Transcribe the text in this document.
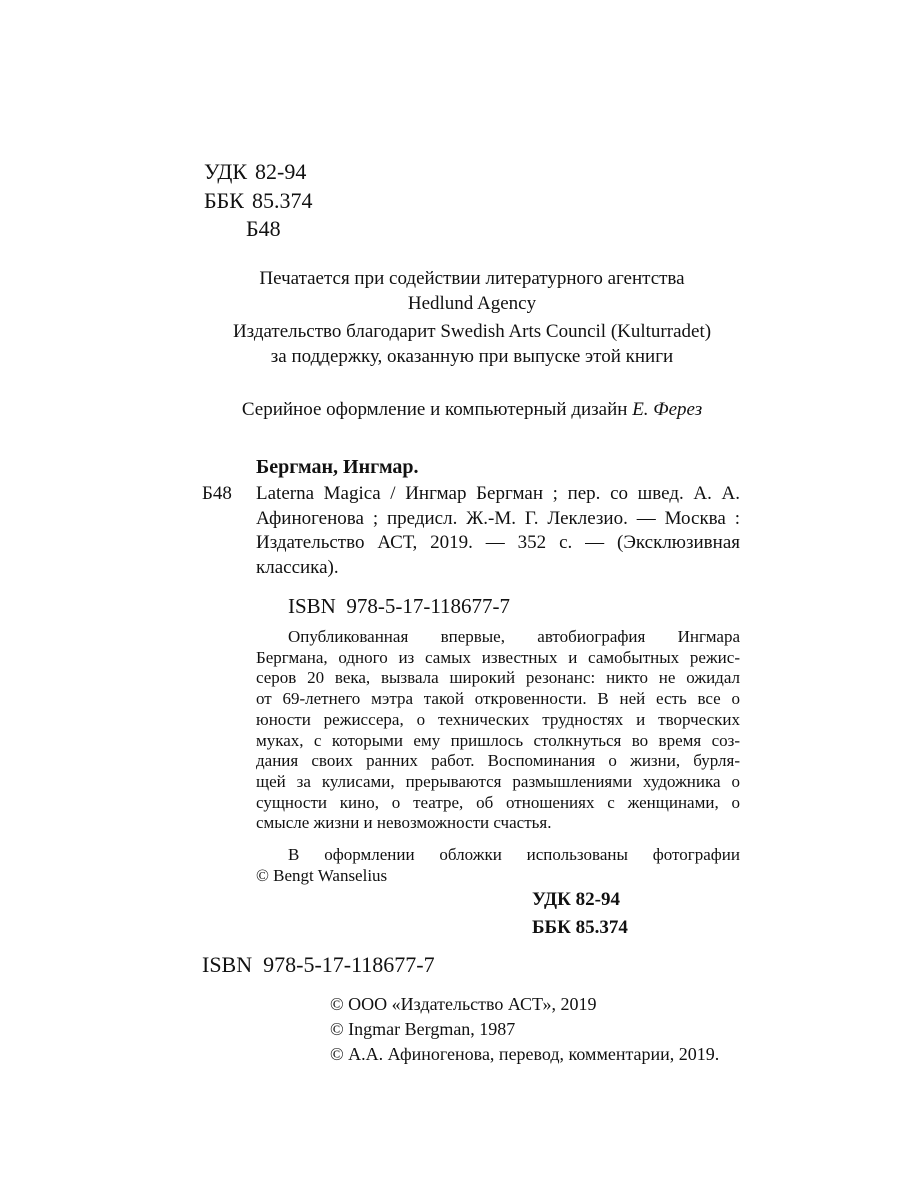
УДК 82-94
ББК 85.374
Б48
Печатается при содействии литературного агентства
Hedlund Agency
Издательство благодарит Swedish Arts Council (Kulturradet)
за поддержку, оказанную при выпуске этой книги
Серийное оформление и компьютерный дизайн Е. Ферез
Бергман, Ингмар.
Б48 Laterna Magica / Ингмар Бергман ; пер. со швед. А. А.
Афиногенова ; предисл. Ж.-М. Г. Леклезио. — Москва :
Издательство АСТ, 2019. — 352 с. — (Эксклюзивная
классика).
ISBN  978-5-17-118677-7
Опубликованная впервые, автобиография Ингмара
Бергмана, одного из самых известных и самобытных режис-
серов 20 века, вызвала широкий резонанс: никто не ожидал
от 69-летнего мэтра такой откровенности. В ней есть все о
юности режиссера, о технических трудностях и творческих
муках, с которыми ему пришлось столкнуться во время соз-
дания своих ранних работ. Воспоминания о жизни, бурля-
щей за кулисами, прерываются размышлениями художника о
сущности кино, о театре, об отношениях с женщинами, о
смысле жизни и невозможности счастья.
В оформлении обложки использованы фотографии
© Bengt Wanselius
УДК 82-94
ББК 85.374
ISBN  978-5-17-118677-7
© ООО «Издательство АСТ», 2019
© Ingmar Bergman, 1987
© А.А. Афиногенова, перевод, комментарии, 2019.
